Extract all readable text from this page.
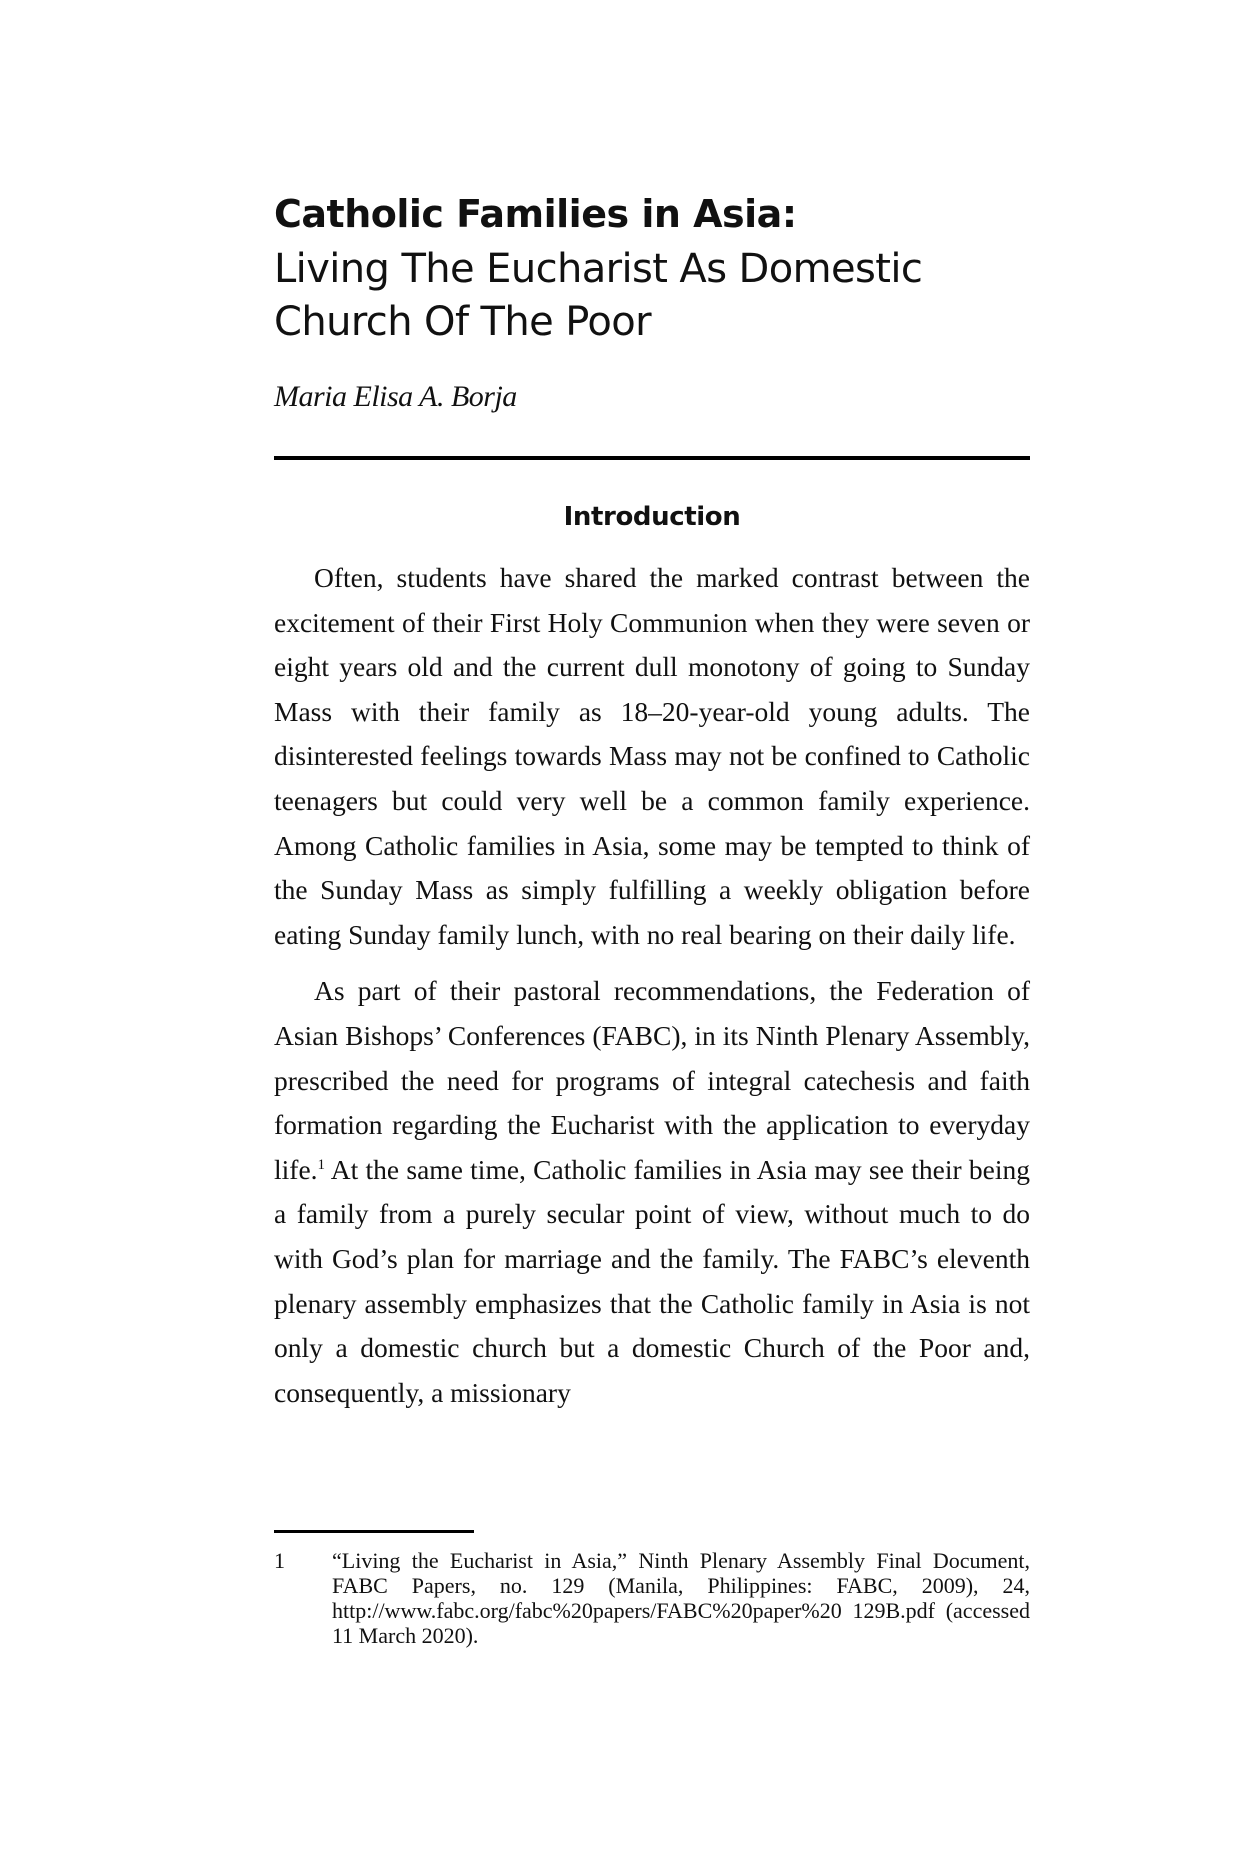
Catholic Families in Asia:
Living The Eucharist As Domestic
Church Of The Poor
Maria Elisa A. Borja
Introduction

Often, students have shared the marked contrast between the excitement of their First Holy Communion when they were seven or eight years old and the current dull monotony of going to Sunday Mass with their family as 18–20-year-old young adults. The disinterested feelings towards Mass may not be confined to Catholic teenagers but could very well be a common family experience. Among Catholic families in Asia, some may be tempted to think of the Sunday Mass as simply fulfilling a weekly obligation before eating Sunday family lunch, with no real bearing on their daily life.

As part of their pastoral recommendations, the Federation of Asian Bishops’ Conferences (FABC), in its Ninth Plenary Assembly, prescribed the need for programs of integral catechesis and faith formation regarding the Eucharist with the application to everyday life.$^1$ At the same time, Catholic families in Asia may see their being a family from a purely secular point of view, without much to do with God’s plan for marriage and the family. The FABC’s eleventh plenary assembly emphasizes that the Catholic family in Asia is not only a domestic church but a domestic Church of the Poor and, consequently, a missionary

1	“Living the Eucharist in Asia,” Ninth Plenary Assembly Final Document, FABC Papers, no. 129 (Manila, Philippines: FABC, 2009), 24, http://www.fabc.org/fabc%20papers/FABC%20paper%20 129B.pdf (accessed 11 March 2020).
